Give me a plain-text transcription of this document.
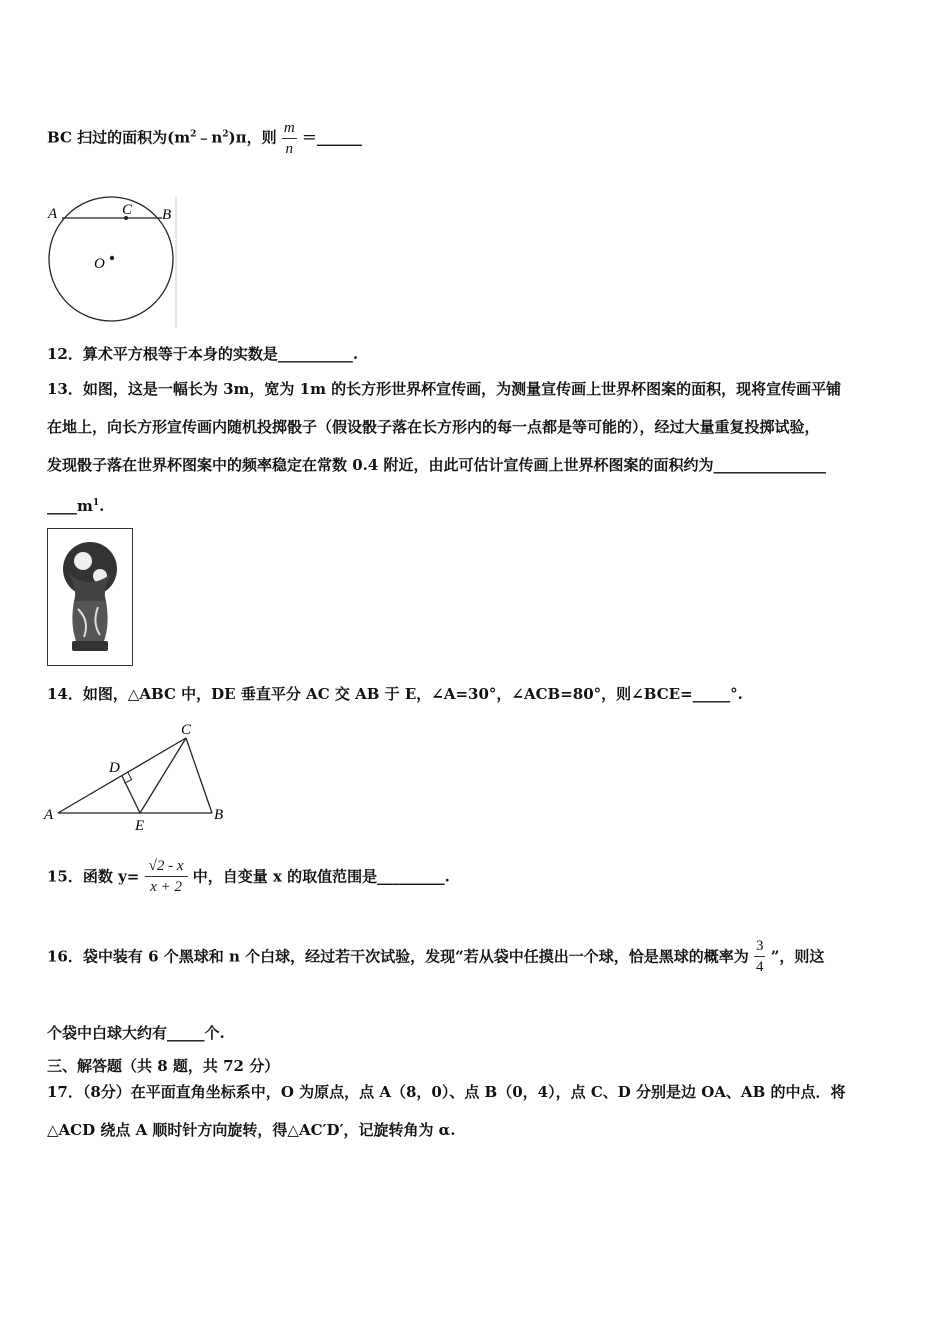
BC 扫过的面积为$(m^2﹣n^2)\pi$，则 $\frac{m}{n}$ ＝______
A	C B
O
12．算术平方根等于本身的实数是__________.
13．如图，这是一幅长为 3m，宽为 1m 的长方形世界杯宣传画，为测量宣传画上世界杯图案的面积，现将宣传画平铺
在地上，向长方形宣传画内随机投掷骰子（假设骰子落在长方形内的每一点都是等可能的），经过大量重复投掷试验，
发现骰子落在世界杯图案中的频率稳定在常数 0.4 附近，由此可估计宣传画上世界杯图案的面积约为_______________
$\_\_\_\_m^1$.
14．如图，△ABC 中，DE 垂直平分 AC 交 AB 于 E，∠A=30°，∠ACB=80°，则∠BCE=_____°.
A	B
C
D
E
15．函数 $y= \frac{√2 - x}{x + 2}$ 中，自变量 x 的取值范围是_________.
16．袋中装有 6 个黑球和 n 个白球，经过若干次试验，发现“若从袋中任摸出一个球，恰是黑球的概率为 $\frac{3}{4}$ ”，则这
个袋中白球大约有_____个.
三、解答题（共 8 题，共 72 分）
17．（8分）在平面直角坐标系中，O 为原点，点 A（8，0）、点 B（0，4），点 C、D 分别是边 OA、AB 的中点．将
△ACD 绕点 A 顺时针方向旋转，得△AC′D′，记旋转角为 α.
